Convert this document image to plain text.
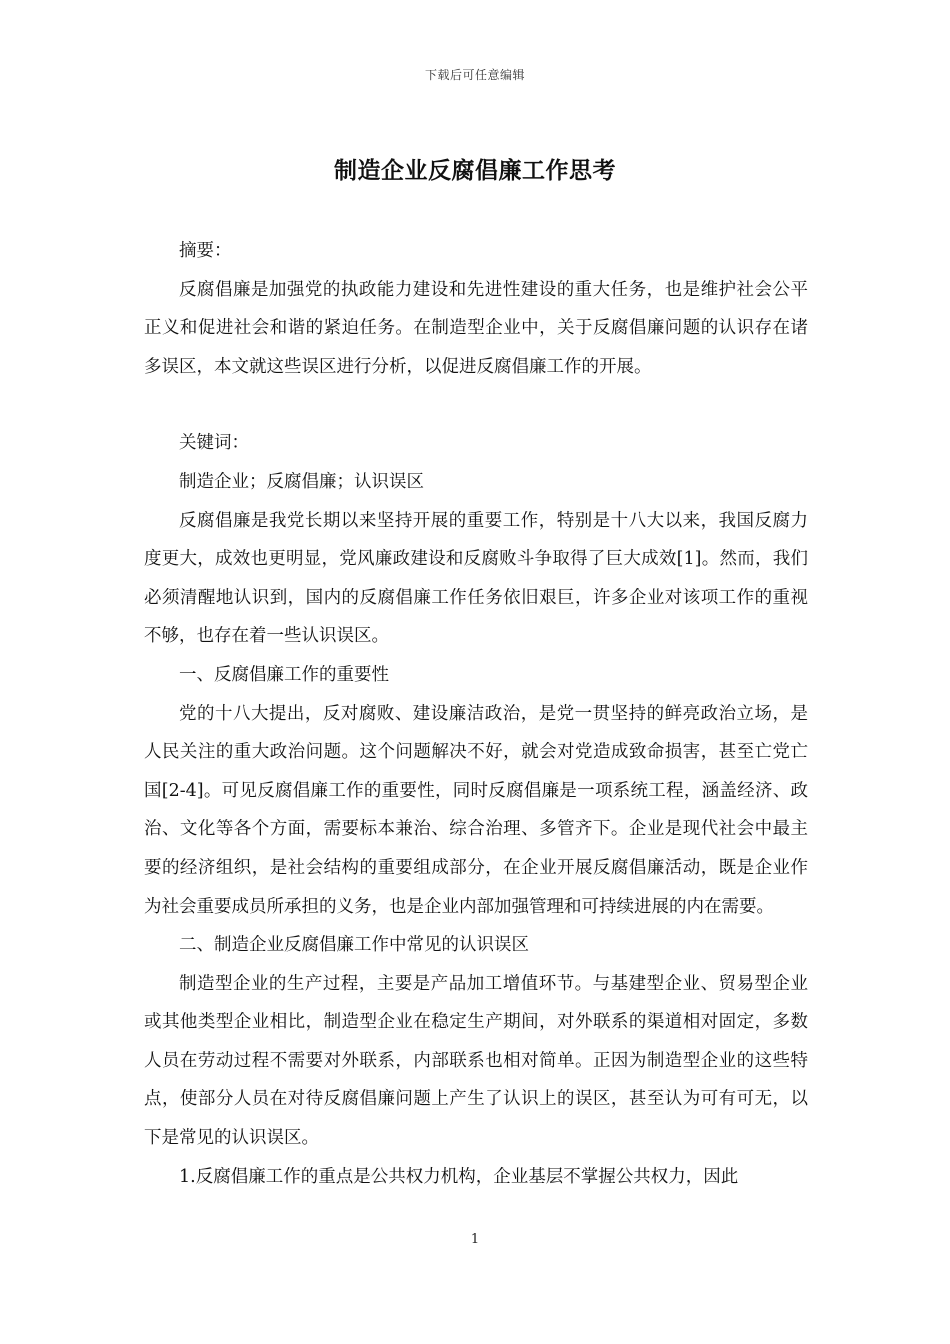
下载后可任意编辑
制造企业反腐倡廉工作思考

摘要：

反腐倡廉是加强党的执政能力建设和先进性建设的重大任务，也是维护社会公平正义和促进社会和谐的紧迫任务。在制造型企业中，关于反腐倡廉问题的认识存在诸多误区，本文就这些误区进行分析，以促进反腐倡廉工作的开展。

关键词：

制造企业；反腐倡廉；认识误区

反腐倡廉是我党长期以来坚持开展的重要工作，特别是十八大以来，我国反腐力度更大，成效也更明显，党风廉政建设和反腐败斗争取得了巨大成效[1]。然而，我们必须清醒地认识到，国内的反腐倡廉工作任务依旧艰巨，许多企业对该项工作的重视不够，也存在着一些认识误区。

一、反腐倡廉工作的重要性

党的十八大提出，反对腐败、建设廉洁政治，是党一贯坚持的鲜亮政治立场，是人民关注的重大政治问题。这个问题解决不好，就会对党造成致命损害，甚至亡党亡国[2-4]。可见反腐倡廉工作的重要性，同时反腐倡廉是一项系统工程，涵盖经济、政治、文化等各个方面，需要标本兼治、综合治理、多管齐下。企业是现代社会中最主要的经济组织，是社会结构的重要组成部分，在企业开展反腐倡廉活动，既是企业作为社会重要成员所承担的义务，也是企业内部加强管理和可持续进展的内在需要。

二、制造企业反腐倡廉工作中常见的认识误区

制造型企业的生产过程，主要是产品加工增值环节。与基建型企业、贸易型企业或其他类型企业相比，制造型企业在稳定生产期间，对外联系的渠道相对固定，多数人员在劳动过程不需要对外联系，内部联系也相对简单。正因为制造型企业的这些特点，使部分人员在对待反腐倡廉问题上产生了认识上的误区，甚至认为可有可无，以下是常见的认识误区。

1.反腐倡廉工作的重点是公共权力机构，企业基层不掌握公共权力，因此

1
